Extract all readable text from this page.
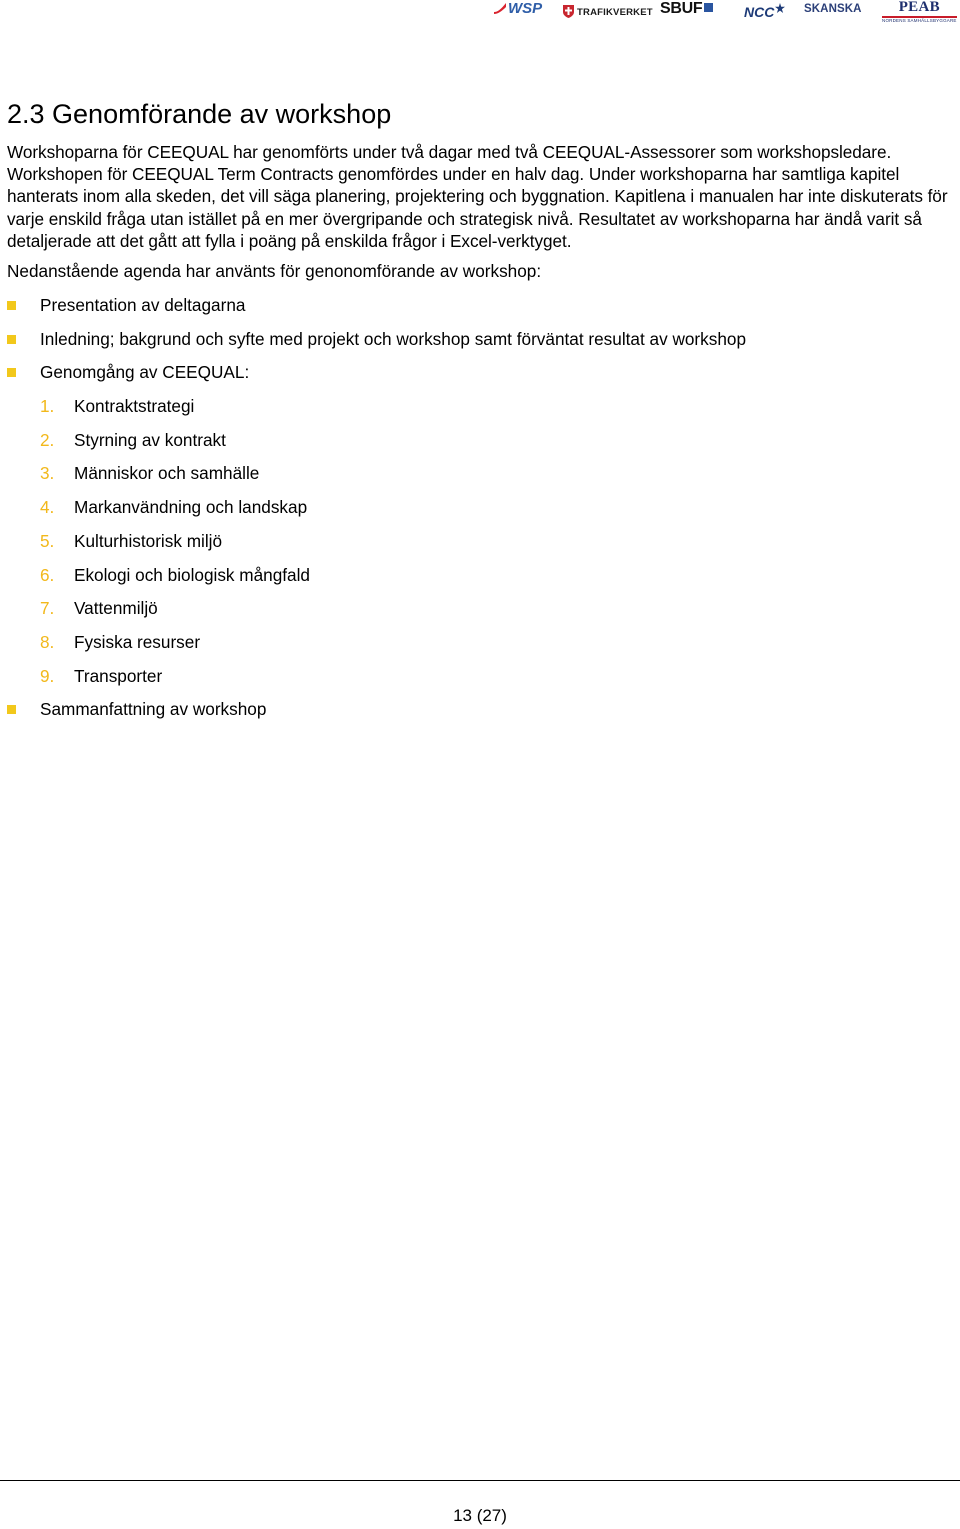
WSP	TRAFIKVERKET SBUF	NCC	SKANSKA	PEAB
NORDENS SAMHÄLLSBYGGARE
2.3 Genomförande av workshop

Workshoparna för CEEQUAL har genomförts under två dagar med två CEEQUAL-Assessorer som workshopsledare. Workshopen för CEEQUAL Term Contracts genomfördes under en halv dag. Under workshoparna har samtliga kapitel hanterats inom alla skeden, det vill säga planering, projektering och byggnation. Kapitlena i manualen har inte diskuterats för varje enskild fråga utan istället på en mer övergripande och strategisk nivå. Resultatet av workshoparna har ändå varit så detaljerade att det gått att fylla i poäng på enskilda frågor i Excel-verktyget.

Nedanstående agenda har använts för genonomförande av workshop:

Presentation av deltagarna
Inledning; bakgrund och syfte med projekt och workshop samt förväntat resultat av workshop
Genomgång av CEEQUAL:
1. Kontraktstrategi
2. Styrning av kontrakt
3. Människor och samhälle
4. Markanvändning och landskap
5. Kulturhistorisk miljö
6. Ekologi och biologisk mångfald
7. Vattenmiljö
8. Fysiska resurser
9. Transporter
Sammanfattning av workshop
13 (27)
